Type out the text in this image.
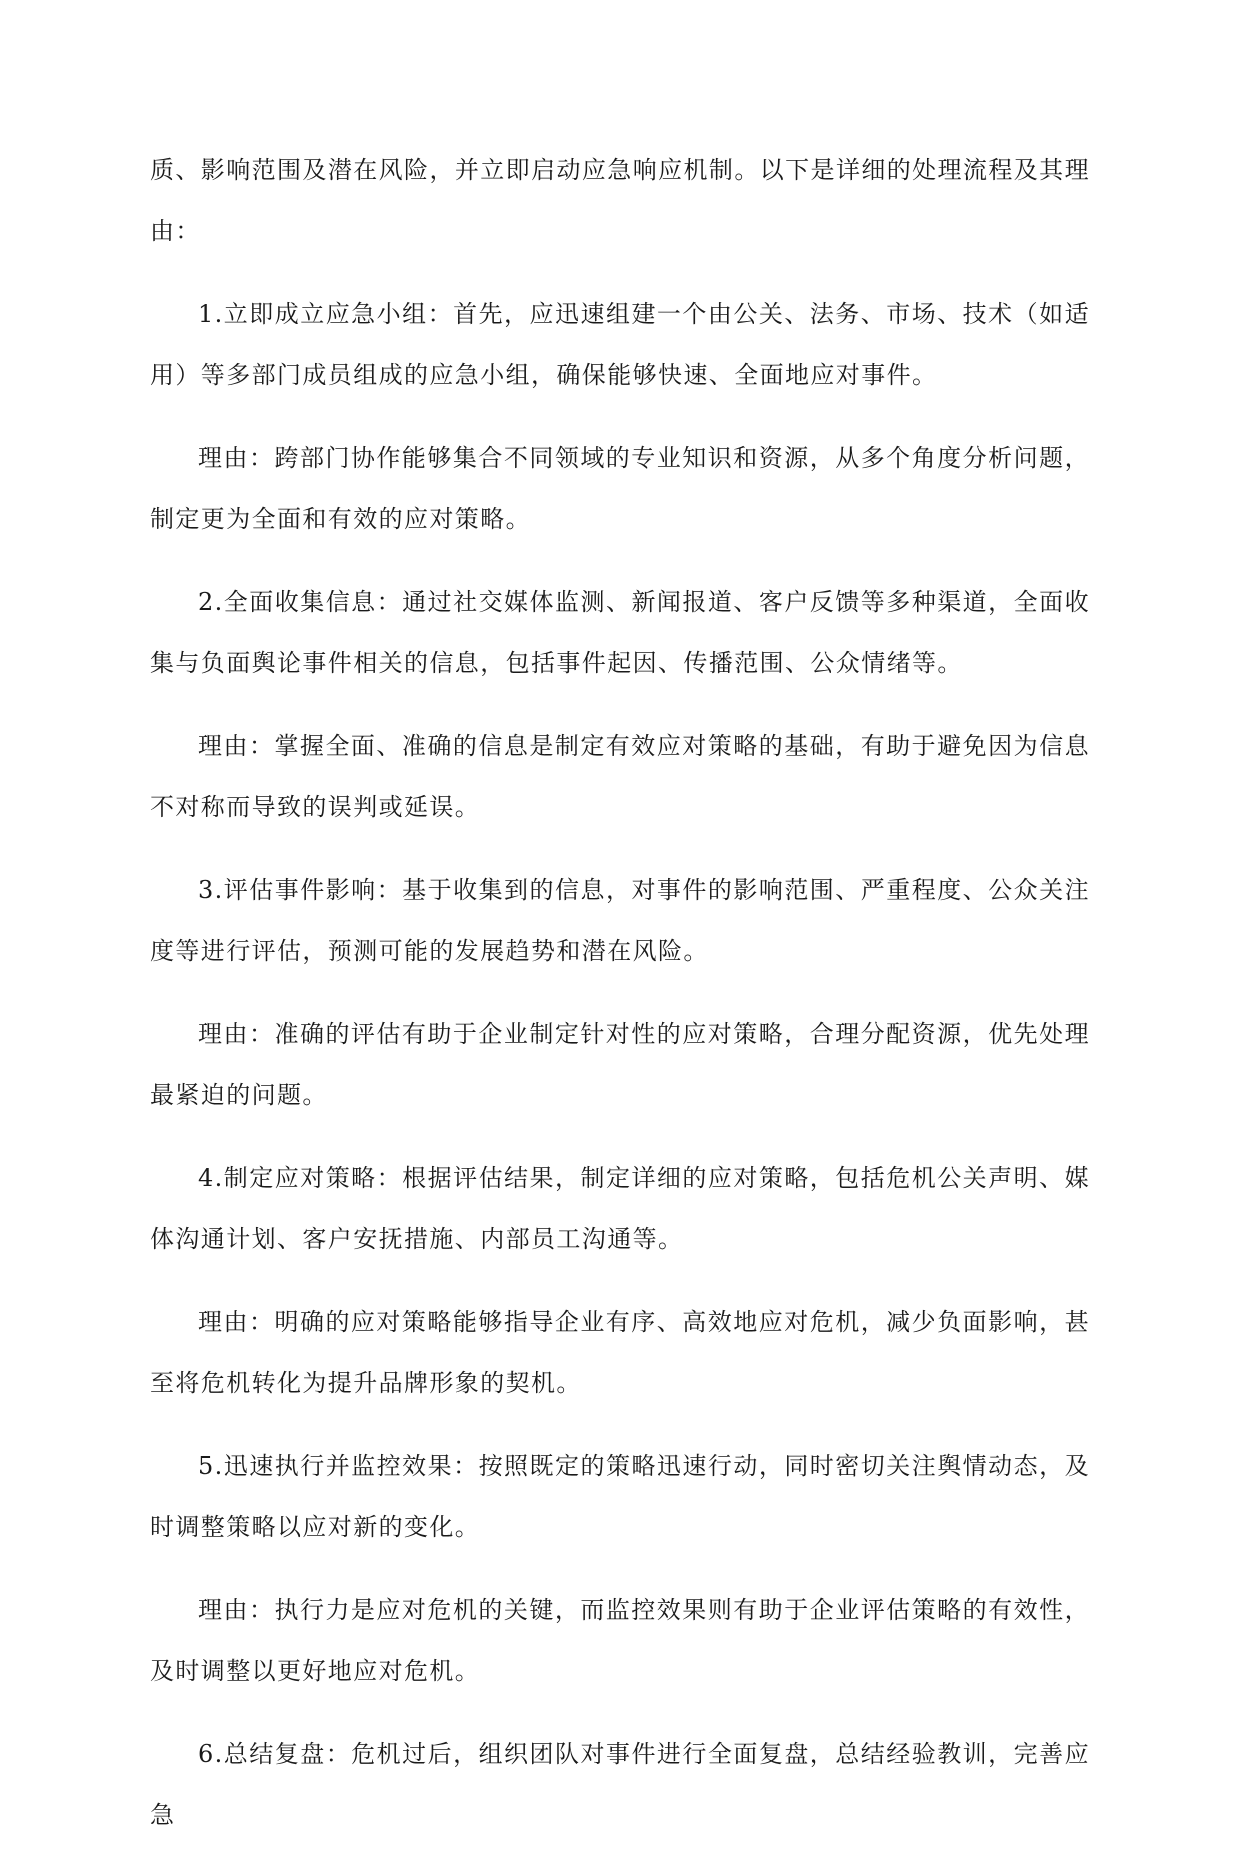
质、影响范围及潜在风险，并立即启动应急响应机制。以下是详细的处理流程及其理由：

1.立即成立应急小组：首先，应迅速组建一个由公关、法务、市场、技术（如适用）等多部门成员组成的应急小组，确保能够快速、全面地应对事件。

理由：跨部门协作能够集合不同领域的专业知识和资源，从多个角度分析问题，制定更为全面和有效的应对策略。

2.全面收集信息：通过社交媒体监测、新闻报道、客户反馈等多种渠道，全面收集与负面舆论事件相关的信息，包括事件起因、传播范围、公众情绪等。

理由：掌握全面、准确的信息是制定有效应对策略的基础，有助于避免因为信息不对称而导致的误判或延误。

3.评估事件影响：基于收集到的信息，对事件的影响范围、严重程度、公众关注度等进行评估，预测可能的发展趋势和潜在风险。

理由：准确的评估有助于企业制定针对性的应对策略，合理分配资源，优先处理最紧迫的问题。

4.制定应对策略：根据评估结果，制定详细的应对策略，包括危机公关声明、媒体沟通计划、客户安抚措施、内部员工沟通等。

理由：明确的应对策略能够指导企业有序、高效地应对危机，减少负面影响，甚至将危机转化为提升品牌形象的契机。

5.迅速执行并监控效果：按照既定的策略迅速行动，同时密切关注舆情动态，及时调整策略以应对新的变化。

理由：执行力是应对危机的关键，而监控效果则有助于企业评估策略的有效性，及时调整以更好地应对危机。

6.总结复盘：危机过后，组织团队对事件进行全面复盘，总结经验教训，完善应急
